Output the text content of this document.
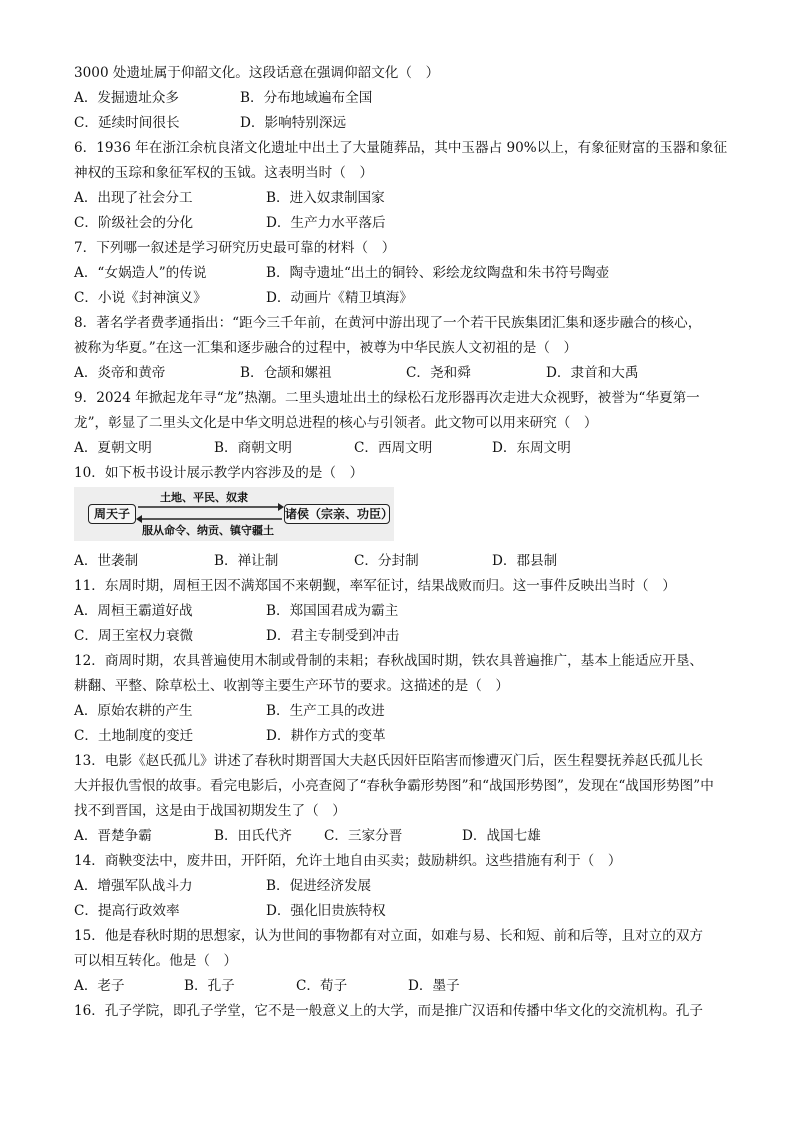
3000 处遗址属于仰韶文化。这段话意在强调仰韶文化（　）
A．发掘遗址众多	B．分布地域遍布全国
C．延续时间很长	D．影响特别深远
6．1936 年在浙江余杭良渚文化遗址中出土了大量随葬品，其中玉器占 90%以上，有象征财富的玉器和象征
神权的玉琮和象征军权的玉钺。这表明当时（　）
A．出现了社会分工	B．进入奴隶制国家
C．阶级社会的分化	D．生产力水平落后
7．下列哪一叙述是学习研究历史最可靠的材料（　）
A．“女娲造人”的传说	B．陶寺遗址“出土的铜铃、彩绘龙纹陶盘和朱书符号陶壶
C．小说《封神演义》	D．动画片《精卫填海》
8．著名学者费孝通指出：“距今三千年前，在黄河中游出现了一个若干民族集团汇集和逐步融合的核心，
被称为华夏。”在这一汇集和逐步融合的过程中，被尊为中华民族人文初祖的是（　）
A．炎帝和黄帝	B．仓颉和嫘祖	C．尧和舜	D．隶首和大禹
9．2024 年掀起龙年寻“龙”热潮。二里头遗址出土的绿松石龙形器再次走进大众视野，被誉为“华夏第一
龙”，彰显了二里头文化是中华文明总进程的核心与引领者。此文物可以用来研究（　）
A．夏朝文明	B．商朝文明	C．西周文明	D．东周文明
10．如下板书设计展示教学内容涉及的是（　）
周天子	诸侯（宗亲、功臣）
土地、平民、奴隶
服从命令、纳贡、镇守疆土
A．世袭制	B．禅让制	C．分封制	D．郡县制
11．东周时期，周桓王因不满郑国不来朝觐，率军征讨，结果战败而归。这一事件反映出当时（　）
A．周桓王霸道好战	B．郑国国君成为霸主
C．周王室权力衰微	D．君主专制受到冲击
12．商周时期，农具普遍使用木制或骨制的耒耜；春秋战国时期，铁农具普遍推广，基本上能适应开垦、
耕翻、平整、除草松土、收割等主要生产环节的要求。这描述的是（　）
A．原始农耕的产生	B．生产工具的改进
C．土地制度的变迁	D．耕作方式的变革
13．电影《赵氏孤儿》讲述了春秋时期晋国大夫赵氏因奸臣陷害而惨遭灭门后，医生程婴抚养赵氏孤儿长
大并报仇雪恨的故事。看完电影后，小亮查阅了“春秋争霸形势图”和“战国形势图”，发现在“战国形势图”中
找不到晋国，这是由于战国初期发生了（　）
A．晋楚争霸	B．田氏代齐 C．三家分晋	D．战国七雄
14．商鞅变法中，废井田，开阡陌，允许土地自由买卖；鼓励耕织。这些措施有利于（　）
A．增强军队战斗力	B．促进经济发展
C．提高行政效率	D．强化旧贵族特权
15．他是春秋时期的思想家，认为世间的事物都有对立面，如难与易、长和短、前和后等，且对立的双方
可以相互转化。他是（　）
A．老子	B．孔子	C．荀子	D．墨子
16．孔子学院，即孔子学堂，它不是一般意义上的大学，而是推广汉语和传播中华文化的交流机构。孔子
